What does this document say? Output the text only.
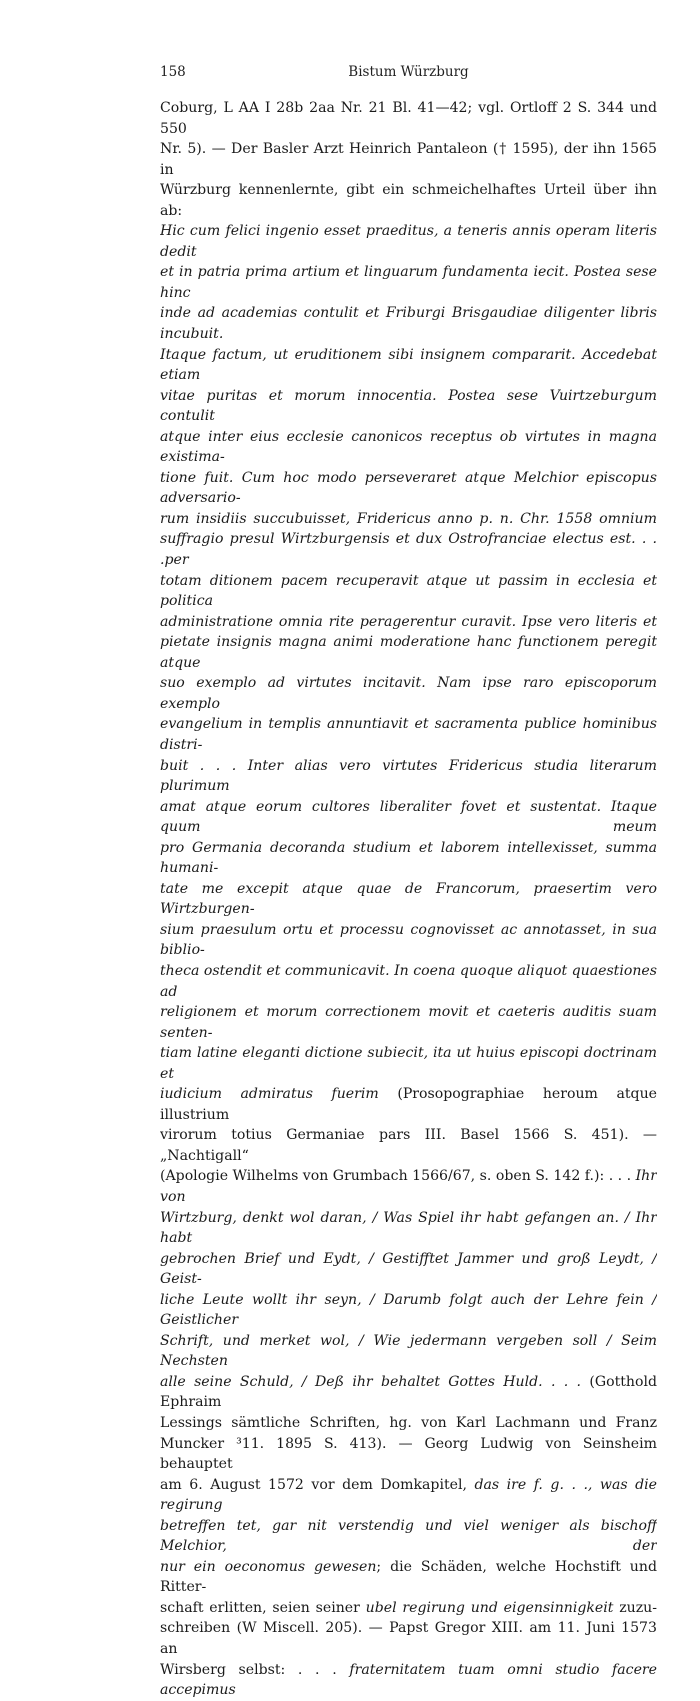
158	Bistum Würzburg
Coburg, L AA I 28b 2aa Nr. 21 Bl. 41—42; vgl. Ortloff 2 S. 344 und 550
Nr. 5). — Der Basler Arzt Heinrich Pantaleon († 1595), der ihn 1565 in
Würzburg kennenlernte, gibt ein schmeichelhaftes Urteil über ihn ab:
Hic cum felici ingenio esset praeditus, a teneris annis operam literis dedit
et in patria prima artium et linguarum fundamenta iecit. Postea sese hinc
inde ad academias contulit et Friburgi Brisgaudiae diligenter libris incubuit.
Itaque factum, ut eruditionem sibi insignem compararit. Accedebat etiam
vitae puritas et morum innocentia. Postea sese Vuirtzeburgum contulit
atque inter eius ecclesie canonicos receptus ob virtutes in magna existima-
tione fuit. Cum hoc modo perseveraret atque Melchior episcopus adversario-
rum insidiis succubuisset, Fridericus anno p. n. Chr. 1558 omnium
suffragio presul Wirtzburgensis et dux Ostrofranciae electus est. . . .per
totam ditionem pacem recuperavit atque ut passim in ecclesia et politica
administratione omnia rite peragerentur curavit. Ipse vero literis et
pietate insignis magna animi moderatione hanc functionem peregit atque
suo exemplo ad virtutes incitavit. Nam ipse raro episcoporum exemplo
evangelium in templis annuntiavit et sacramenta publice hominibus distri-
buit . . . Inter alias vero virtutes Fridericus studia literarum plurimum
amat atque eorum cultores liberaliter fovet et sustentat. Itaque quum meum
pro Germania decoranda studium et laborem intellexisset, summa humani-
tate me excepit atque quae de Francorum, praesertim vero Wirtzburgen-
sium praesulum ortu et processu cognovisset ac annotasset, in sua biblio-
theca ostendit et communicavit. In coena quoque aliquot quaestiones ad
religionem et morum correctionem movit et caeteris auditis suam senten-
tiam latine eleganti dictione subiecit, ita ut huius episcopi doctrinam et
iudicium admiratus fuerim (Prosopographiae heroum atque illustrium
virorum totius Germaniae pars III. Basel 1566 S. 451). — „Nachtigall“
(Apologie Wilhelms von Grumbach 1566/67, s. oben S. 142 f.): . . . Ihr von
Wirtzburg, denkt wol daran, / Was Spiel ihr habt gefangen an. / Ihr habt
gebrochen Brief und Eydt, / Gestifftet Jammer und groß Leydt, / Geist-
liche Leute wollt ihr seyn, / Darumb folgt auch der Lehre fein / Geistlicher
Schrift, und merket wol, / Wie jedermann vergeben soll / Seim Nechsten
alle seine Schuld, / Deß ihr behaltet Gottes Huld. . . . (Gotthold Ephraim
Lessings sämtliche Schriften, hg. von Karl Lachmann und Franz
Muncker ³11. 1895 S. 413). — Georg Ludwig von Seinsheim behauptet
am 6. August 1572 vor dem Domkapitel, das ire f. g. . ., was die regirung
betreffen tet, gar nit verstendig und viel weniger als bischoff Melchior, der
nur ein oeconomus gewesen; die Schäden, welche Hochstift und Ritter-
schaft erlitten, seien seiner ubel regirung und eigensinnigkeit zuzu-
schreiben (W Miscell. 205). — Papst Gregor XIII. am 11. Juni 1573 an
Wirsberg selbst: . . . fraternitatem tuam omni studio facere accepimus
